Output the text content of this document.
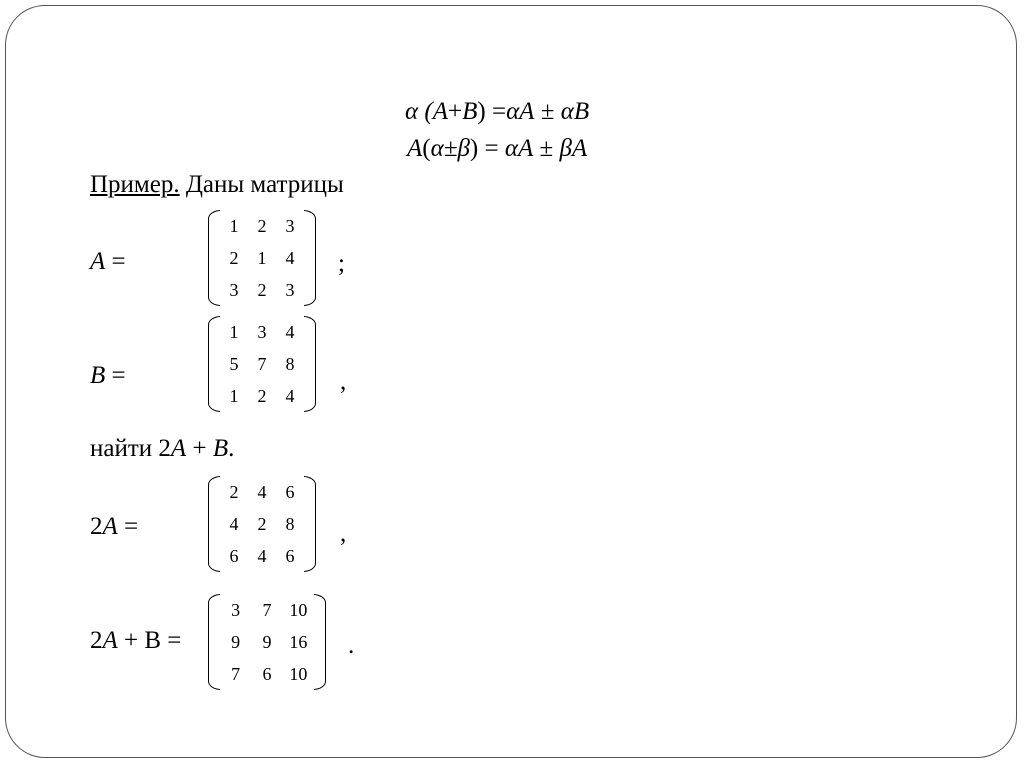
α (A+B) =αA ± αB
A(α±β) = αA ± βA
Пример. Даны матрицы
A =
1	2	3
2	1	4
3	2	3
;
B =
1	3	4
5	7	8
1	2	4
,
найти 2A + B.
2A =
2	4	6
4	2	8
6	4	6
,
2A + B =
3	7 10
9	9 16
7	6 10
.
